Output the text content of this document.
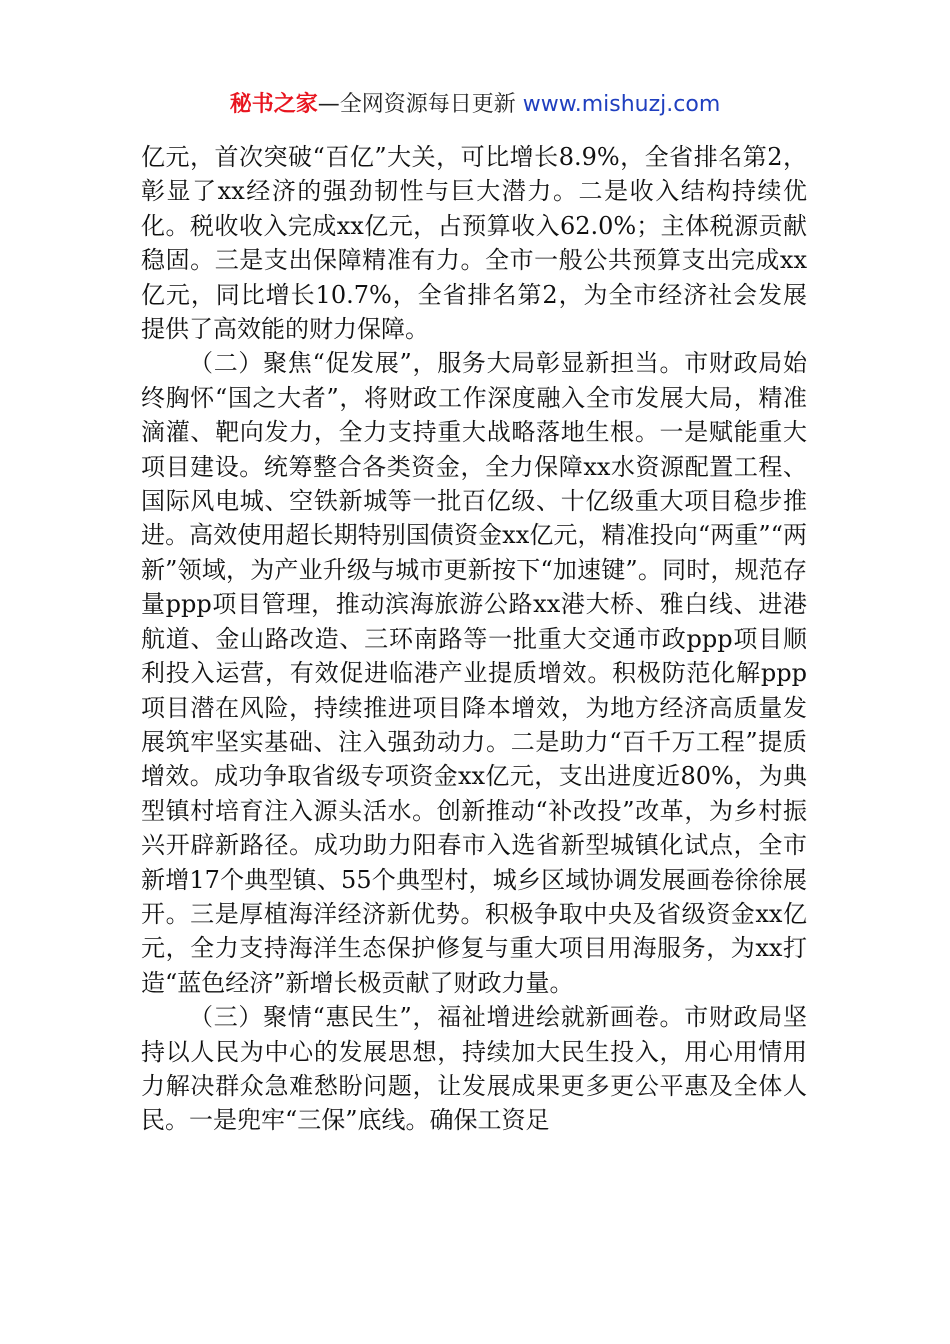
秘书之家—全网资源每日更新 www.mishuzj.com

亿元，首次突破“百亿”大关，可比增长8.9%，全省排名第2，彰显了xx经济的强劲韧性与巨大潜力。二是收入结构持续优化。税收收入完成xx亿元，占预算收入62.0%；主体税源贡献稳固。三是支出保障精准有力。全市一般公共预算支出完成xx亿元，同比增长10.7%，全省排名第2，为全市经济社会发展提供了高效能的财力保障。

（二）聚焦“促发展”，服务大局彰显新担当。市财政局始终胸怀“国之大者”，将财政工作深度融入全市发展大局，精准滴灌、靶向发力，全力支持重大战略落地生根。一是赋能重大项目建设。统筹整合各类资金，全力保障xx水资源配置工程、国际风电城、空铁新城等一批百亿级、十亿级重大项目稳步推进。高效使用超长期特别国债资金xx亿元，精准投向“两重”“两新”领域，为产业升级与城市更新按下“加速键”。同时，规范存量ppp项目管理，推动滨海旅游公路xx港大桥、雅白线、进港航道、金山路改造、三环南路等一批重大交通市政ppp项目顺利投入运营，有效促进临港产业提质增效。积极防范化解ppp项目潜在风险，持续推进项目降本增效，为地方经济高质量发展筑牢坚实基础、注入强劲动力。二是助力“百千万工程”提质增效。成功争取省级专项资金xx亿元，支出进度近80%，为典型镇村培育注入源头活水。创新推动“补改投”改革，为乡村振兴开辟新路径。成功助力阳春市入选省新型城镇化试点，全市新增17个典型镇、55个典型村，城乡区域协调发展画卷徐徐展开。三是厚植海洋经济新优势。积极争取中央及省级资金xx亿元，全力支持海洋生态保护修复与重大项目用海服务，为xx打造“蓝色经济”新增长极贡献了财政力量。

（三）聚情“惠民生”，福祉增进绘就新画卷。市财政局坚持以人民为中心的发展思想，持续加大民生投入，用心用情用力解决群众急难愁盼问题，让发展成果更多更公平惠及全体人民。一是兜牢“三保”底线。确保工资足
